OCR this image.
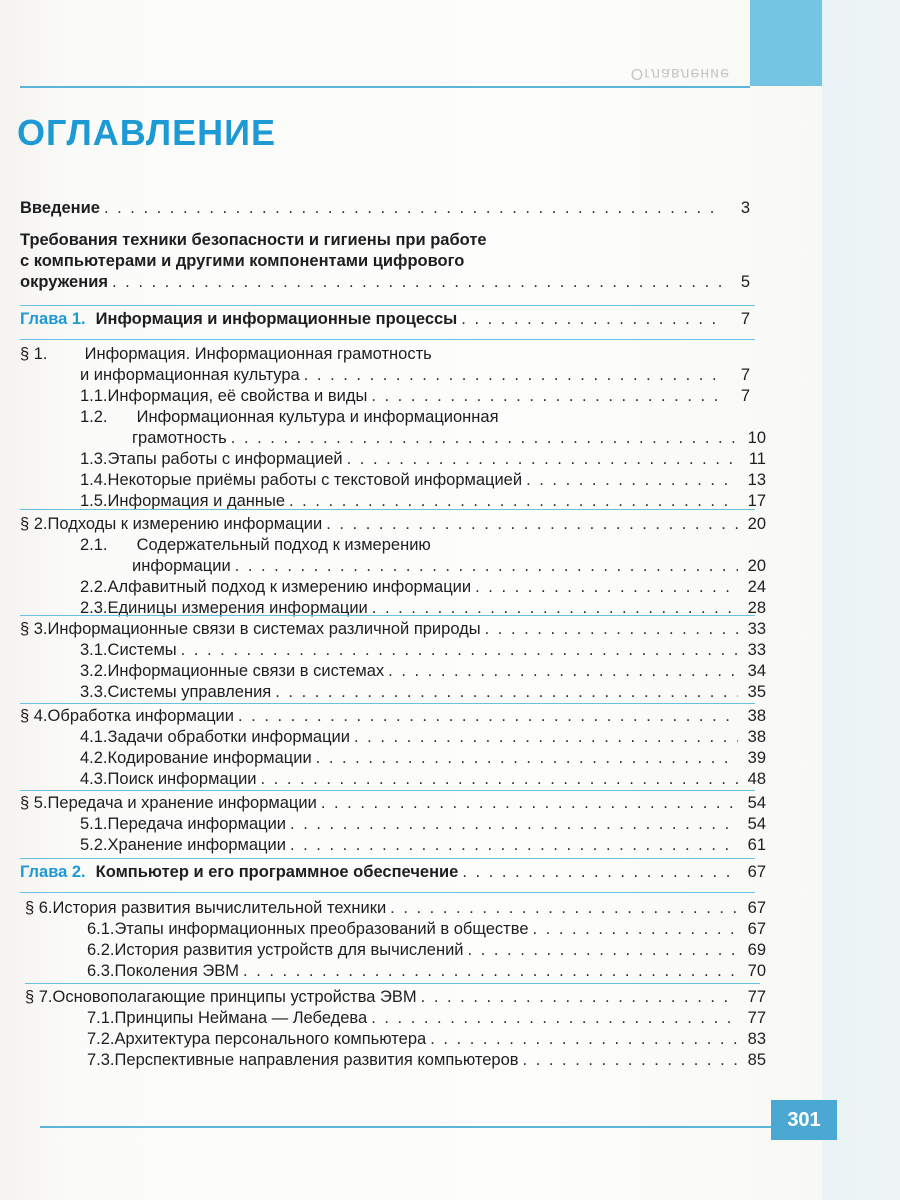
Оглавление
ОГЛАВЛЕНИЕ
Введение . . .	3
Требования техники безопасности и гигиены при работе
с компьютерами и другими компонентами цифрового
окружения . . .	5
Глава 1. Информация и информационные процессы . . .	7
§ 1. Информация. Информационная грамотность
и информационная культура . . .	7
1.1. Информация, её свойства и виды . . .	7
1.2. Информационная культура и информационная
грамотность . . .	10
1.3. Этапы работы с информацией . . .	11
1.4. Некоторые приёмы работы с текстовой информацией . . .	13
1.5. Информация и данные . . .	17
§ 2. Подходы к измерению информации . . .	20
2.1. Содержательный подход к измерению
информации . . .	20
2.2. Алфавитный подход к измерению информации . . .	24
2.3. Единицы измерения информации . . .	28
§ 3. Информационные связи в системах различной природы . . .	33
3.1. Системы . . .	33
3.2. Информационные связи в системах . . .	34
3.3. Системы управления . . .	35
§ 4. Обработка информации . . .	38
4.1. Задачи обработки информации . . .	38
4.2. Кодирование информации . . .	39
4.3. Поиск информации . . .	48
§ 5. Передача и хранение информации . . .	54
5.1. Передача информации . . .	54
5.2. Хранение информации . . .	61
Глава 2. Компьютер и его программное обеспечение . . .	67
§ 6. История развития вычислительной техники . . .	67
6.1. Этапы информационных преобразований в обществе . . .	67
6.2. История развития устройств для вычислений . . .	69
6.3. Поколения ЭВМ . . .	70
§ 7. Основополагающие принципы устройства ЭВМ . . .	77
7.1. Принципы Неймана — Лебедева . . .	77
7.2. Архитектура персонального компьютера . . .	83
7.3. Перспективные направления развития компьютеров . . .	85
301
